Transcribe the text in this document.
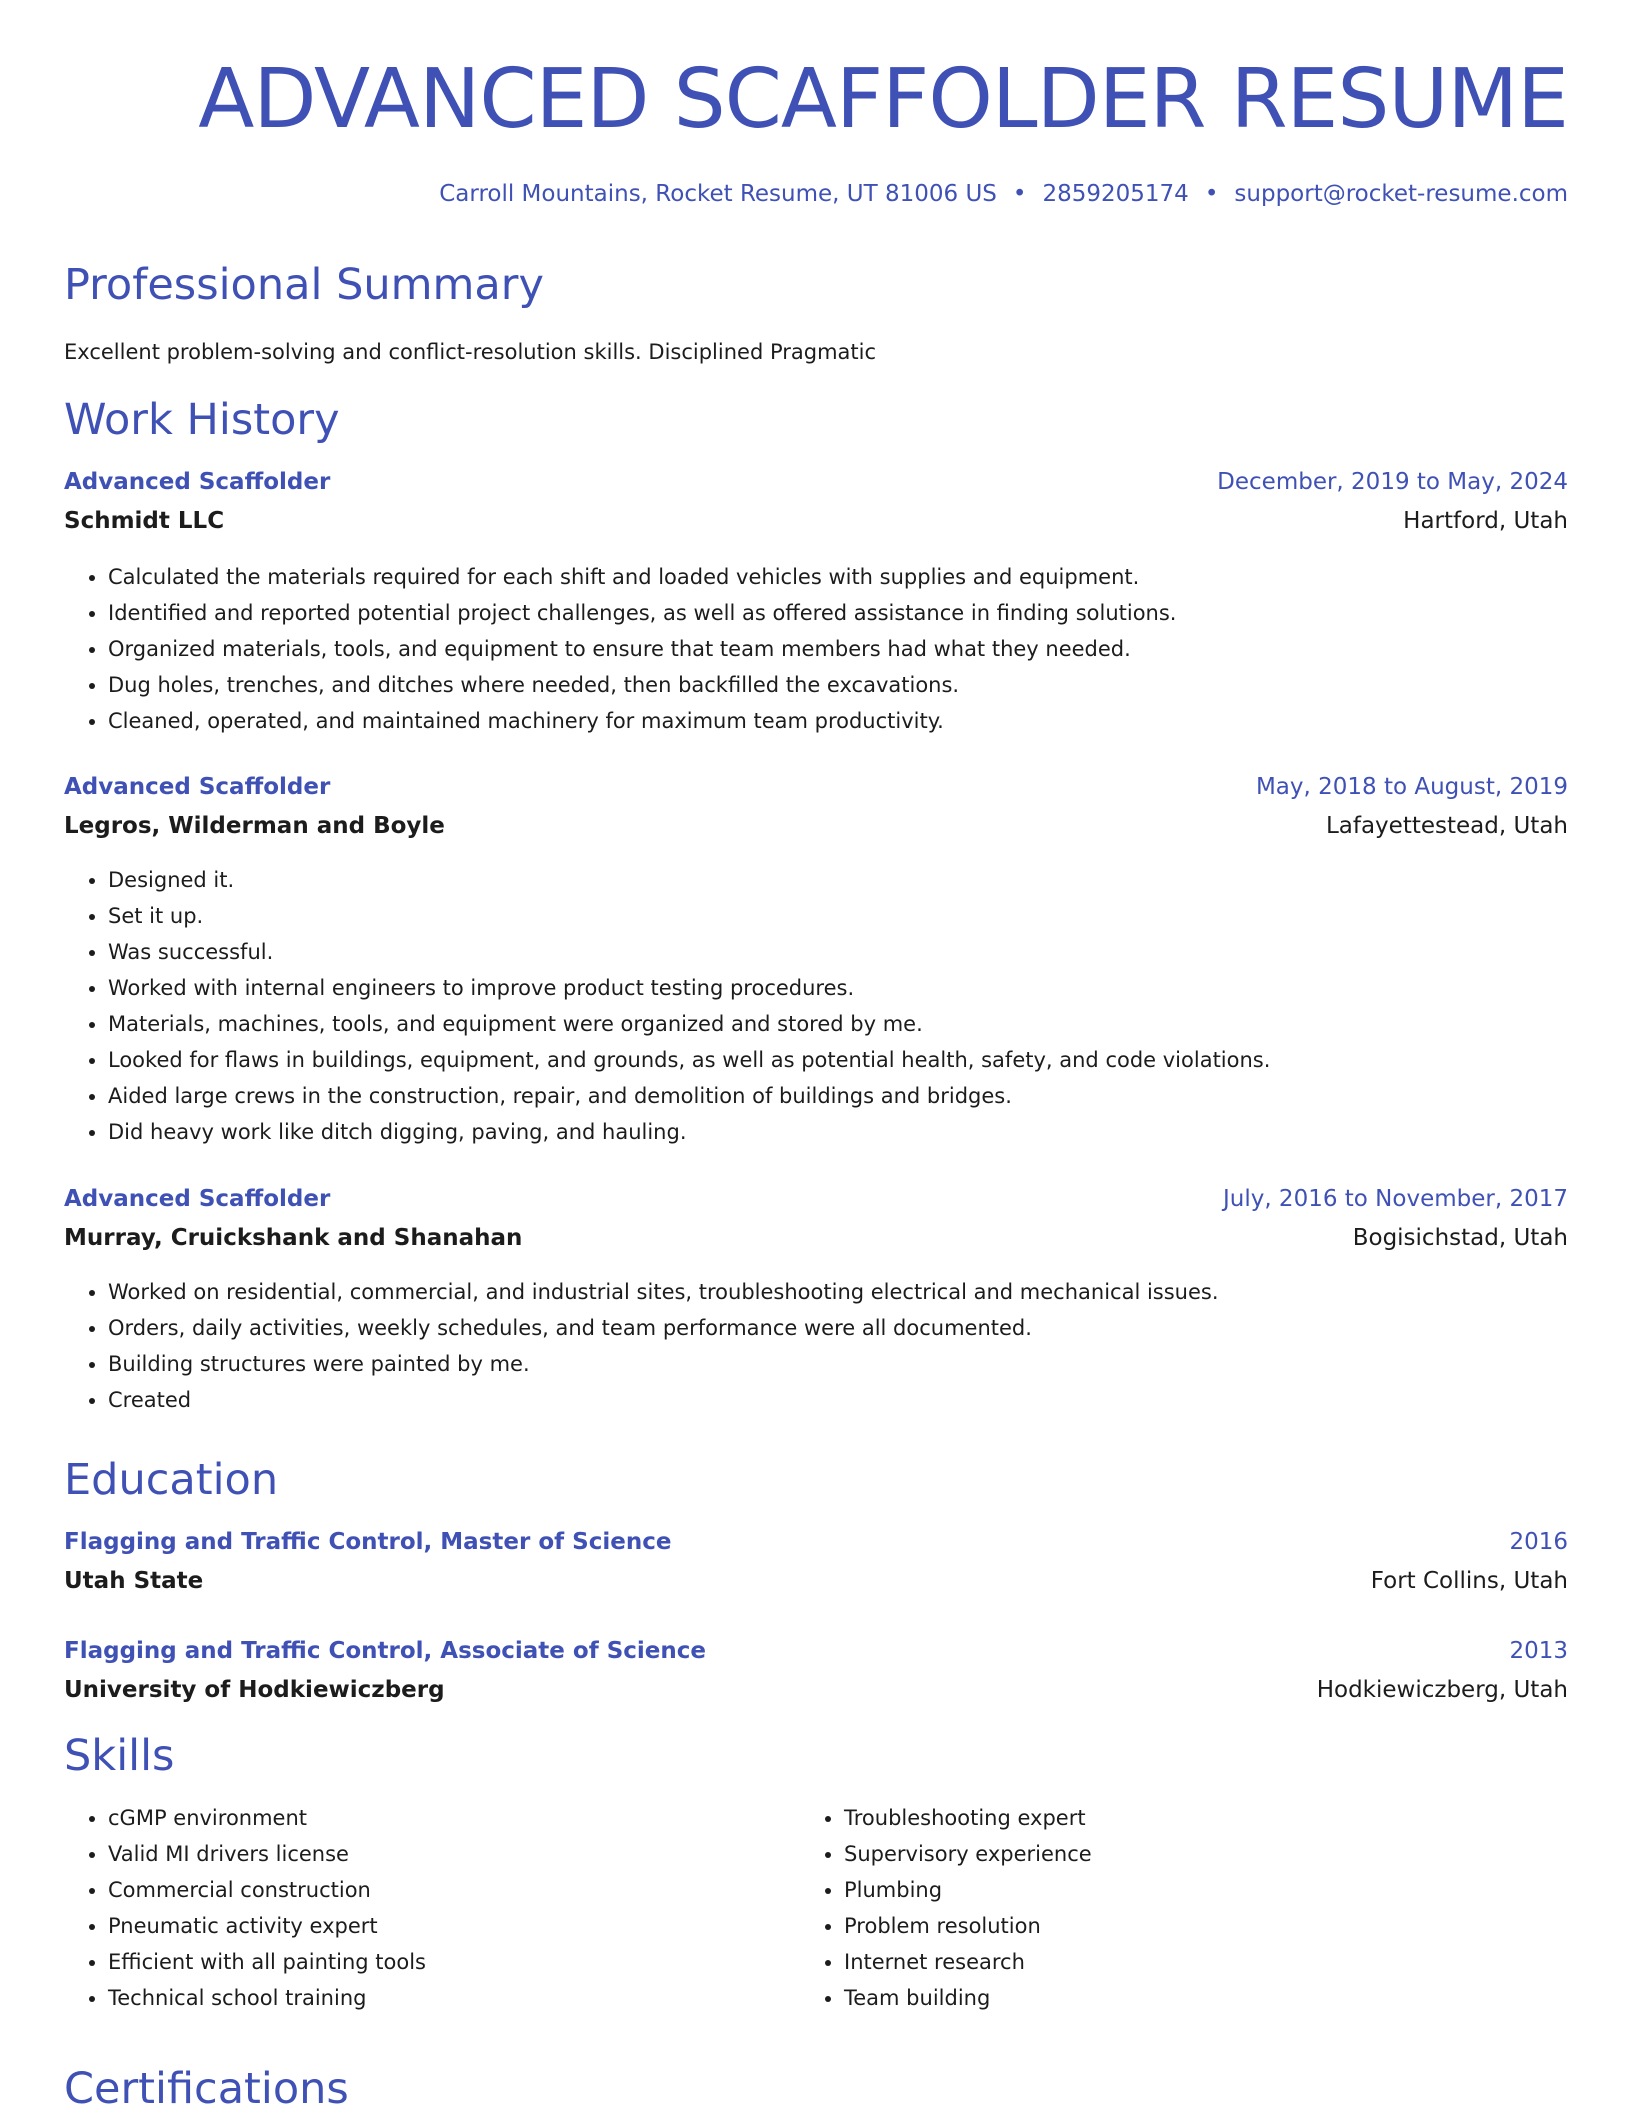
ADVANCED SCAFFOLDER RESUME
Carroll Mountains, Rocket Resume, UT 81006 US • 2859205174 • support@rocket-resume.com
Professional Summary
Excellent problem-solving and conflict-resolution skills. Disciplined Pragmatic
Work History
Advanced Scaffolder	December, 2019 to May, 2024
Schmidt LLC	Hartford, Utah
• Calculated the materials required for each shift and loaded vehicles with supplies and equipment.
• Identified and reported potential project challenges, as well as offered assistance in finding solutions.
• Organized materials, tools, and equipment to ensure that team members had what they needed.
• Dug holes, trenches, and ditches where needed, then backfilled the excavations.
• Cleaned, operated, and maintained machinery for maximum team productivity.
Advanced Scaffolder	May, 2018 to August, 2019
Legros, Wilderman and Boyle	Lafayettestead, Utah
• Designed it.
• Set it up.
• Was successful.
• Worked with internal engineers to improve product testing procedures.
• Materials, machines, tools, and equipment were organized and stored by me.
• Looked for flaws in buildings, equipment, and grounds, as well as potential health, safety, and code violations.
• Aided large crews in the construction, repair, and demolition of buildings and bridges.
• Did heavy work like ditch digging, paving, and hauling.
Advanced Scaffolder	July, 2016 to November, 2017
Murray, Cruickshank and Shanahan	Bogisichstad, Utah
• Worked on residential, commercial, and industrial sites, troubleshooting electrical and mechanical issues.
• Orders, daily activities, weekly schedules, and team performance were all documented.
• Building structures were painted by me.
• Created
Education
Flagging and Traffic Control, Master of Science	2016
Utah State	Fort Collins, Utah
Flagging and Traffic Control, Associate of Science	2013
University of Hodkiewiczberg	Hodkiewiczberg, Utah
Skills
• cGMP environment
• Valid MI drivers license
• Commercial construction
• Pneumatic activity expert
• Efficient with all painting tools
• Technical school training
• Troubleshooting expert
• Supervisory experience
• Plumbing
• Problem resolution
• Internet research
• Team building
Certifications
